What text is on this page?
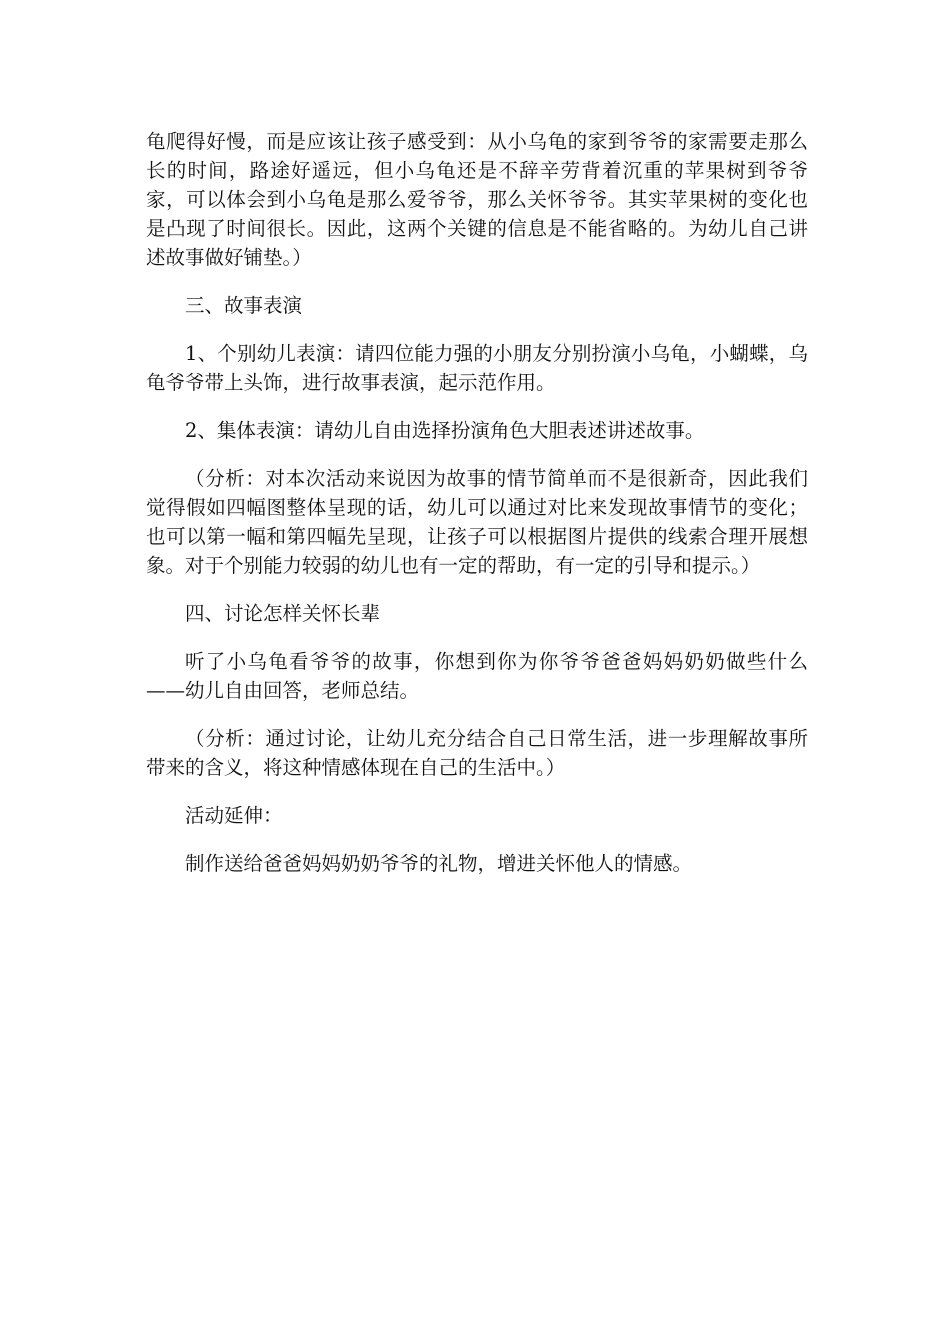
龟爬得好慢，而是应该让孩子感受到：从小乌龟的家到爷爷的家需要走那么长的时间，路途好遥远，但小乌龟还是不辞辛劳背着沉重的苹果树到爷爷家，可以体会到小乌龟是那么爱爷爷，那么关怀爷爷。其实苹果树的变化也是凸现了时间很长。因此，这两个关键的信息是不能省略的。为幼儿自己讲述故事做好铺垫。）

三、故事表演

1、个别幼儿表演：请四位能力强的小朋友分别扮演小乌龟，小蝴蝶，乌龟爷爷带上头饰，进行故事表演，起示范作用。

2、集体表演：请幼儿自由选择扮演角色大胆表述讲述故事。

（分析：对本次活动来说因为故事的情节简单而不是很新奇，因此我们觉得假如四幅图整体呈现的话，幼儿可以通过对比来发现故事情节的变化；也可以第一幅和第四幅先呈现，让孩子可以根据图片提供的线索合理开展想象。对于个别能力较弱的幼儿也有一定的帮助，有一定的引导和提示。）

四、讨论怎样关怀长辈

听了小乌龟看爷爷的故事，你想到你为你爷爷爸爸妈妈奶奶做些什么——幼儿自由回答，老师总结。

（分析：通过讨论，让幼儿充分结合自己日常生活，进一步理解故事所带来的含义，将这种情感体现在自己的生活中。）

活动延伸：

制作送给爸爸妈妈奶奶爷爷的礼物，增进关怀他人的情感。
